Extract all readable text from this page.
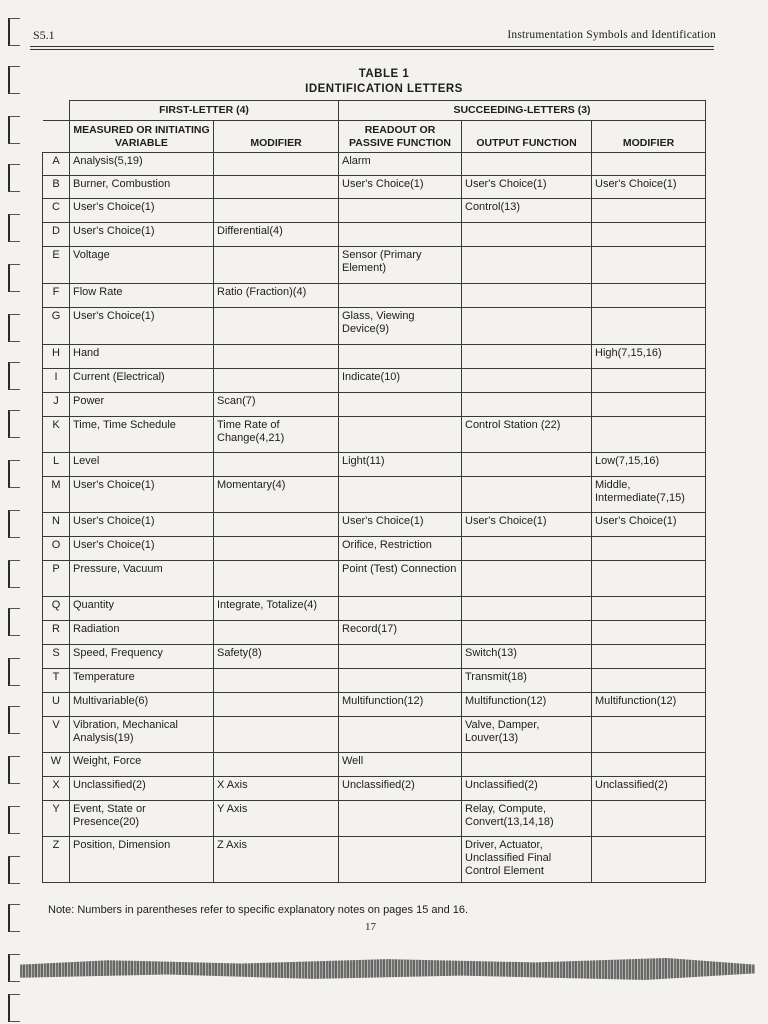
S5.1	Instrumentation Symbols and Identification
TABLE 1
IDENTIFICATION LETTERS
	FIRST-LETTER (4)		SUCCEEDING-LETTERS (3)		
	MEASURED OR INITIATING VARIABLE	MODIFIER	READOUT OR PASSIVE FUNCTION	OUTPUT FUNCTION	MODIFIER
A	Analysis(5,19)		Alarm		
B	Burner, Combustion		User's Choice(1)	User's Choice(1)	User's Choice(1)
C	User's Choice(1)			Control(13)	
D	User's Choice(1)	Differential(4)			
E	Voltage		Sensor (Primary Element)		
F	Flow Rate	Ratio (Fraction)(4)			
G	User's Choice(1)		Glass, Viewing Device(9)		
H	Hand				High(7,15,16)
I	Current (Electrical)		Indicate(10)		
J	Power	Scan(7)			
K	Time, Time Schedule	Time Rate of Change(4,21)		Control Station (22)	
L	Level		Light(11)		Low(7,15,16)
M	User's Choice(1)	Momentary(4)			Middle, Intermediate(7,15)
N	User's Choice(1)		User's Choice(1)	User's Choice(1)	User's Choice(1)
O	User's Choice(1)		Orifice, Restriction		
P	Pressure, Vacuum		Point (Test) Connection		
Q	Quantity	Integrate, Totalize(4)			
R	Radiation		Record(17)		
S	Speed, Frequency	Safety(8)		Switch(13)	
T	Temperature			Transmit(18)	
U	Multivariable(6)		Multifunction(12)	Multifunction(12)	Multifunction(12)
V	Vibration, Mechanical Analysis(19)			Valve, Damper, Louver(13)	
W	Weight, Force		Well		
X	Unclassified(2)	X Axis	Unclassified(2)	Unclassified(2)	Unclassified(2)
Y	Event, State or Presence(20)	Y Axis		Relay, Compute, Convert(13,14,18)	
Z	Position, Dimension	Z Axis		Driver, Actuator, Unclassified Final Control Element	
Note: Numbers in parentheses refer to specific explanatory notes on pages 15 and 16.
17
